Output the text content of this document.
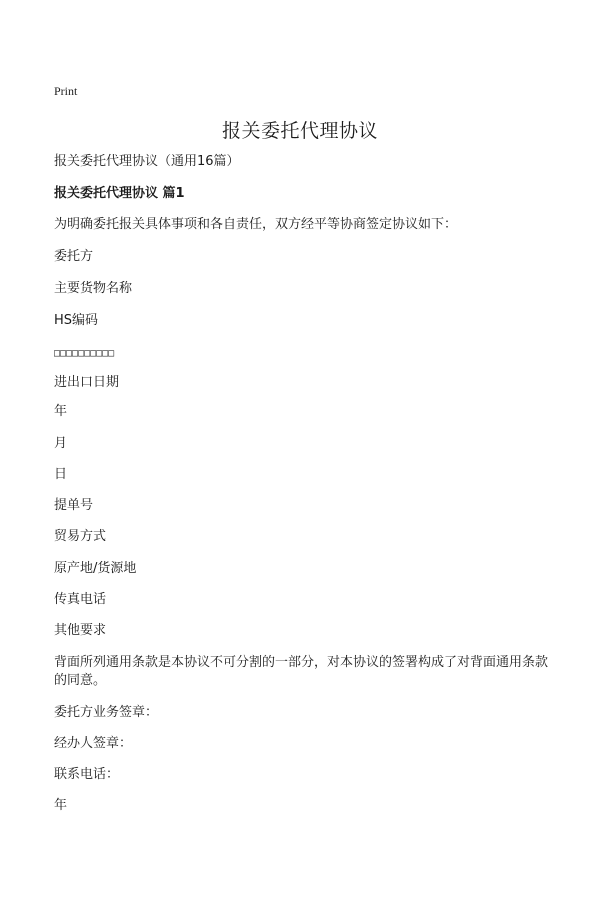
Print
报关委托代理协议
报关委托代理协议（通用16篇）
报关委托代理协议 篇1
为明确委托报关具体事项和各自责任，双方经平等协商签定协议如下：
委托方
主要货物名称
HS编码
□□□□□□□□□□
进出口日期
年
月
日
提单号
贸易方式
原产地/货源地
传真电话
其他要求
背面所列通用条款是本协议不可分割的一部分，对本协议的签署构成了对背面通用条款的同意。
委托方业务签章：
经办人签章：
联系电话：
年
